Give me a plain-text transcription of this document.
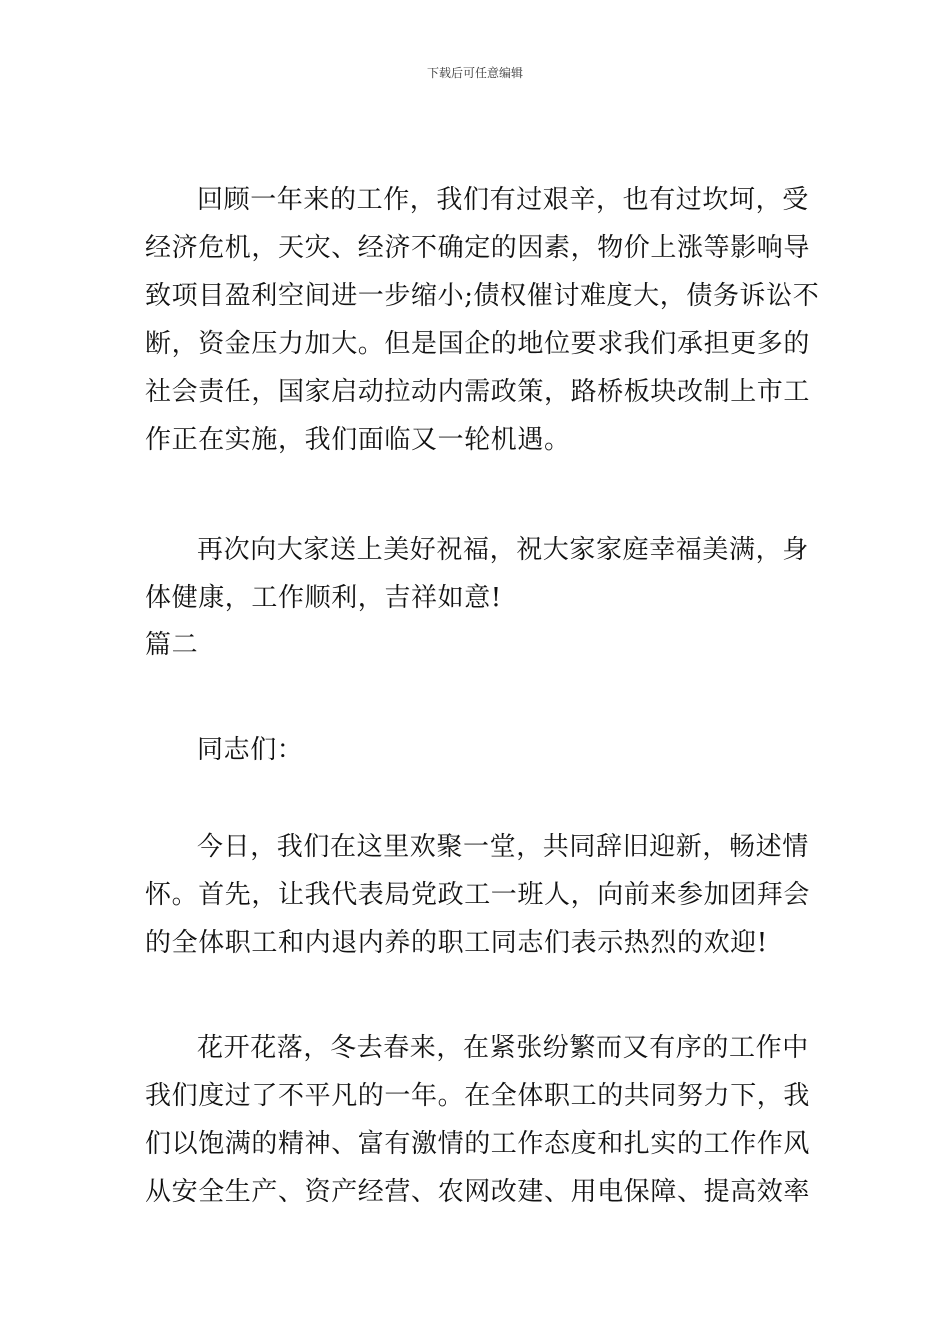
下载后可任意编辑
回顾一年来的工作，我们有过艰辛，也有过坎坷，受
经济危机，天灾、经济不确定的因素，物价上涨等影响导
致项目盈利空间进一步缩小;债权催讨难度大，债务诉讼不
断，资金压力加大。但是国企的地位要求我们承担更多的
社会责任，国家启动拉动内需政策，路桥板块改制上市工
作正在实施，我们面临又一轮机遇。
再次向大家送上美好祝福，祝大家家庭幸福美满，身
体健康，工作顺利，吉祥如意!
篇二
同志们：
今日，我们在这里欢聚一堂，共同辞旧迎新，畅述情
怀。首先，让我代表局党政工一班人，向前来参加团拜会
的全体职工和内退内养的职工同志们表示热烈的欢迎!
花开花落，冬去春来，在紧张纷繁而又有序的工作中
我们度过了不平凡的一年。在全体职工的共同努力下，我
们以饱满的精神、富有激情的工作态度和扎实的工作作风
从安全生产、资产经营、农网改建、用电保障、提高效率
